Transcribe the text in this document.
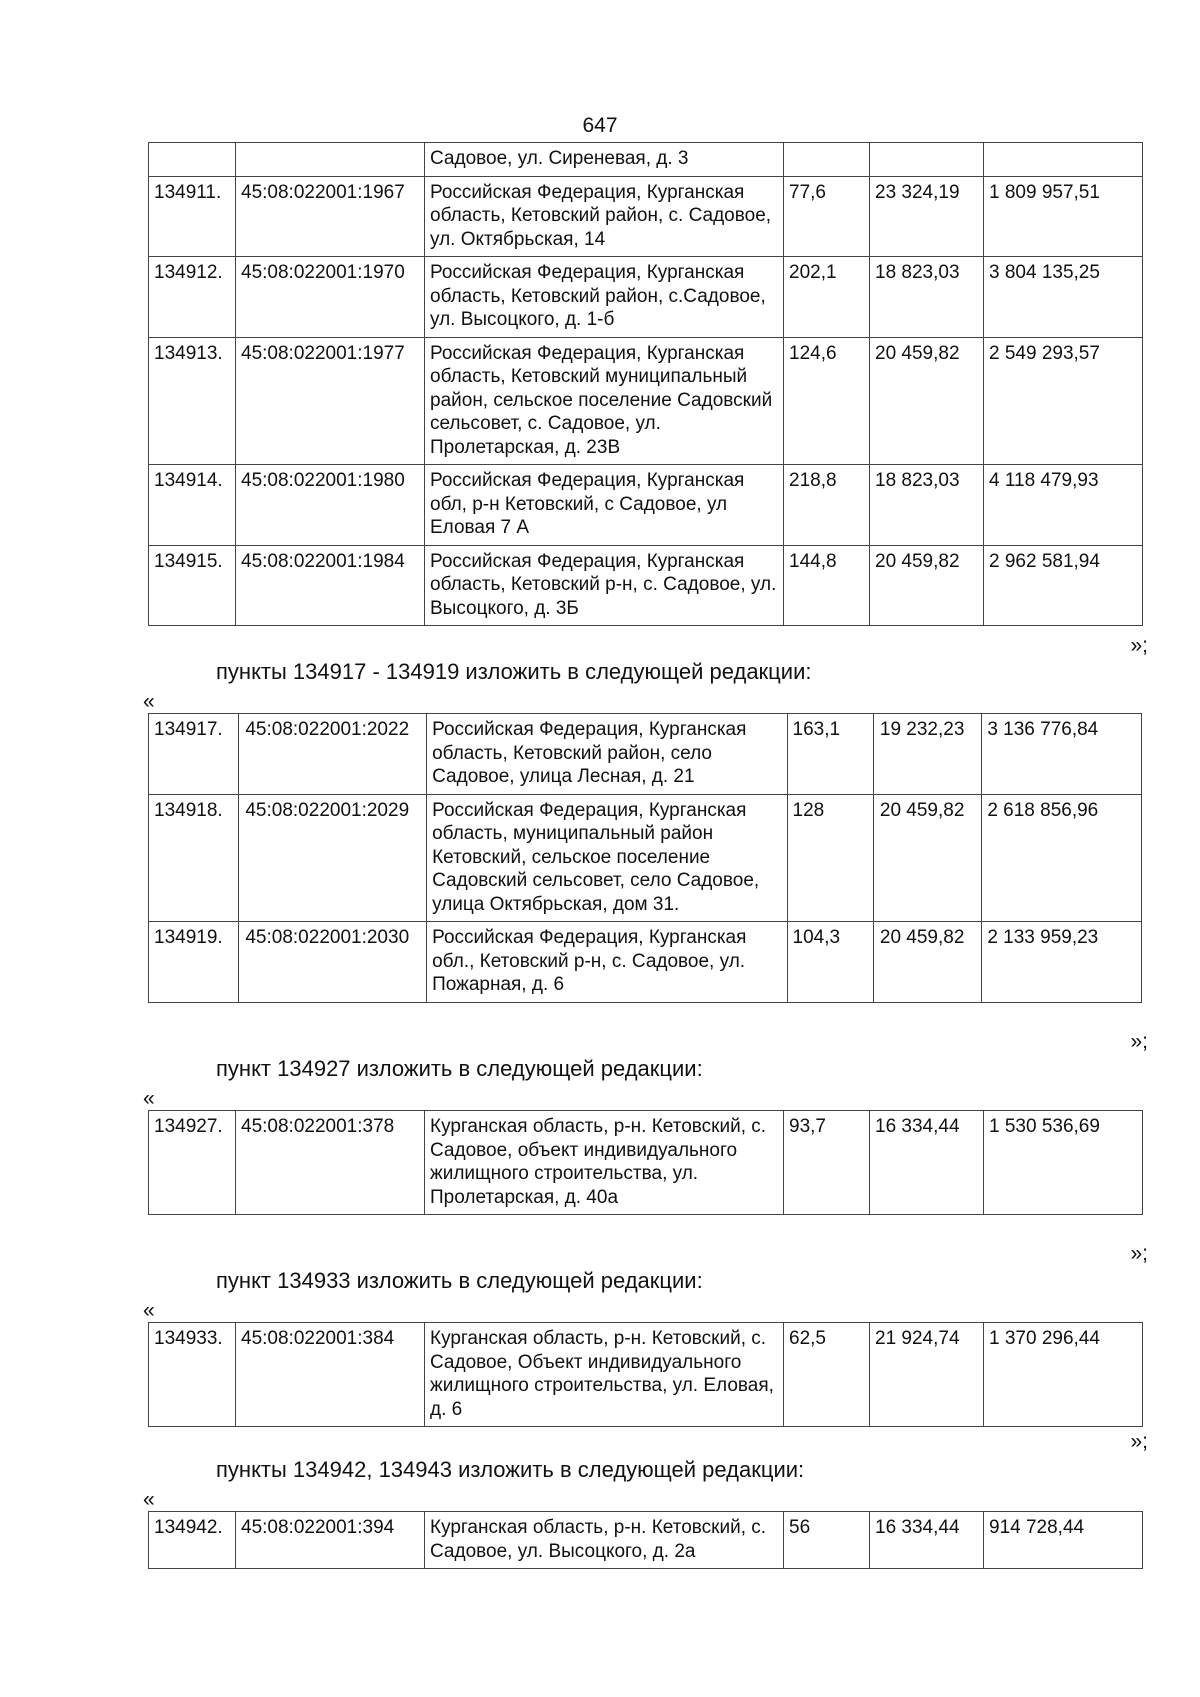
647
		Садовое, ул. Сиреневая, д. 3			
134911.	45:08:022001:1967	Российская Федерация, Курганская область, Кетовский район, с. Садовое, ул. Октябрьская, 14	77,6	23 324,19	1 809 957,51
134912.	45:08:022001:1970	Российская Федерация, Курганская область, Кетовский район, с.Садовое, ул. Высоцкого, д. 1-б	202,1	18 823,03	3 804 135,25
134913.	45:08:022001:1977	Российская Федерация, Курганская область, Кетовский муниципальный район, сельское поселение Садовский сельсовет, с. Садовое, ул. Пролетарская, д. 23В	124,6	20 459,82	2 549 293,57
134914.	45:08:022001:1980	Российская Федерация, Курганская обл, р-н Кетовский, с Садовое, ул Еловая 7 А	218,8	18 823,03	4 118 479,93
134915.	45:08:022001:1984	Российская Федерация, Курганская область, Кетовский р-н, с. Садовое, ул. Высоцкого, д. 3Б	144,8	20 459,82	2 962 581,94
»;
пункты 134917 - 134919 изложить в следующей редакции:
«
134917.	45:08:022001:2022	Российская Федерация, Курганская область, Кетовский район, село Садовое, улица Лесная, д. 21	163,1	19 232,23	3 136 776,84
134918.	45:08:022001:2029	Российская Федерация, Курганская область, муниципальный район Кетовский, сельское поселение Садовский сельсовет, село Садовое, улица Октябрьская, дом 31.	128	20 459,82	2 618 856,96
134919.	45:08:022001:2030	Российская Федерация, Курганская обл., Кетовский р-н, с. Садовое, ул. Пожарная, д. 6	104,3	20 459,82	2 133 959,23
»;
пункт 134927 изложить в следующей редакции:
«
134927.	45:08:022001:378	Курганская область, р-н. Кетовский, с. Садовое, объект индивидуального жилищного строительства, ул. Пролетарская, д. 40а	93,7	16 334,44	1 530 536,69
»;
пункт 134933 изложить в следующей редакции:
«
134933.	45:08:022001:384	Курганская область, р-н. Кетовский, с. Садовое, Объект индивидуального жилищного строительства, ул. Еловая, д. 6	62,5	21 924,74	1 370 296,44
»;
пункты 134942, 134943 изложить в следующей редакции:
«
134942.	45:08:022001:394	Курганская область, р-н. Кетовский, с. Садовое, ул. Высоцкого, д. 2а	56	16 334,44	914 728,44
